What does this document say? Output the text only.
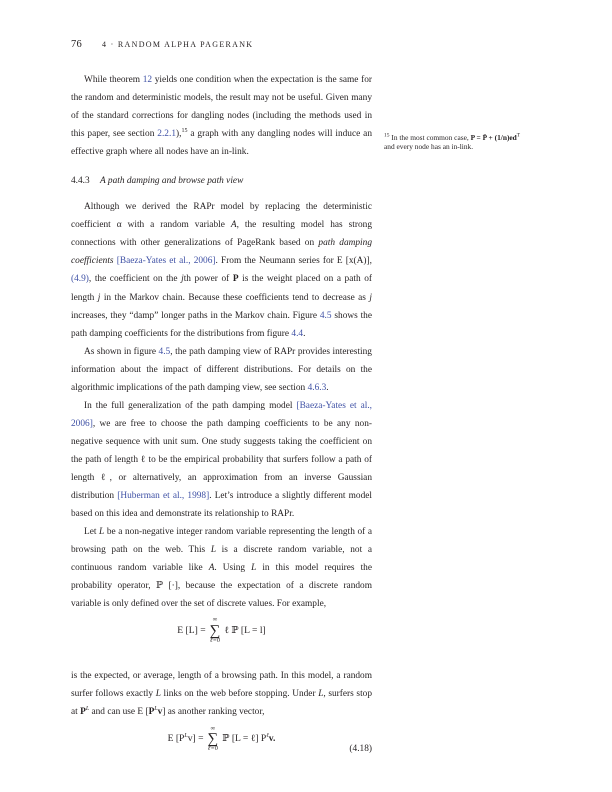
76 4 · RANDOM ALPHA PAGERANK

While theorem 12 yields one condition when the expectation is the same for the random and deterministic models, the result may not be useful. Given many of the standard corrections for dangling nodes (including the methods used in this paper, see section 2.2.1),$^{15}$ a graph with any dangling nodes will induce an effective graph where all nodes have an in-link.

4.4.3 A path damping and browse path view

Although we derived the RAPr model by replacing the deterministic coefficient α with a random variable A, the resulting model has strong connections with other generalizations of PageRank based on path damping coefficients [Baeza-Yates et al., 2006]. From the Neumann series for E [x(A)], (4.9), the coefficient on the jth power of P is the weight placed on a path of length j in the Markov chain. Because these coefficients tend to decrease as j increases, they “damp” longer paths in the Markov chain. Figure 4.5 shows the path damping coefficients for the distributions from figure 4.4.

As shown in figure 4.5, the path damping view of RAPr provides interesting information about the impact of different distributions. For details on the algorithmic implications of the path damping view, see section 4.6.3.

In the full generalization of the path damping model [Baeza-Yates et al., 2006], we are free to choose the path damping coefficients to be any non-negative sequence with unit sum. One study suggests taking the coefficient on the path of length ℓ to be the empirical probability that surfers follow a path of length ℓ, or alternatively, an approximation from an inverse Gaussian distribution [Huberman et al., 1998]. Let’s introduce a slightly different model based on this idea and demonstrate its relationship to RAPr.

Let L be a non-negative integer random variable representing the length of a browsing path on the web. This L is a discrete random variable, not a continuous random variable like A. Using L in this model requires the probability operator, ℙ [·], because the expectation of a discrete random variable is only defined over the set of discrete values. For example,

E [L] =
∞
∑
ℓ=0
ℓ ℙ [L = l]

is the expected, or average, length of a browsing path. In this model, a random surfer follows exactly L links on the web before stopping. Under L, surfers stop at $P^L$ and can use E $[P^Lv]$ as another ranking vector,

E $[P^Lv]$ =
∞
∑
ℓ=0
ℙ [L = ℓ] $P^\ell v$.
(4.18)
$^{15}$ In the most common case, P = P̄ + $(1/n)ed^T$ and every node has an in-link.
